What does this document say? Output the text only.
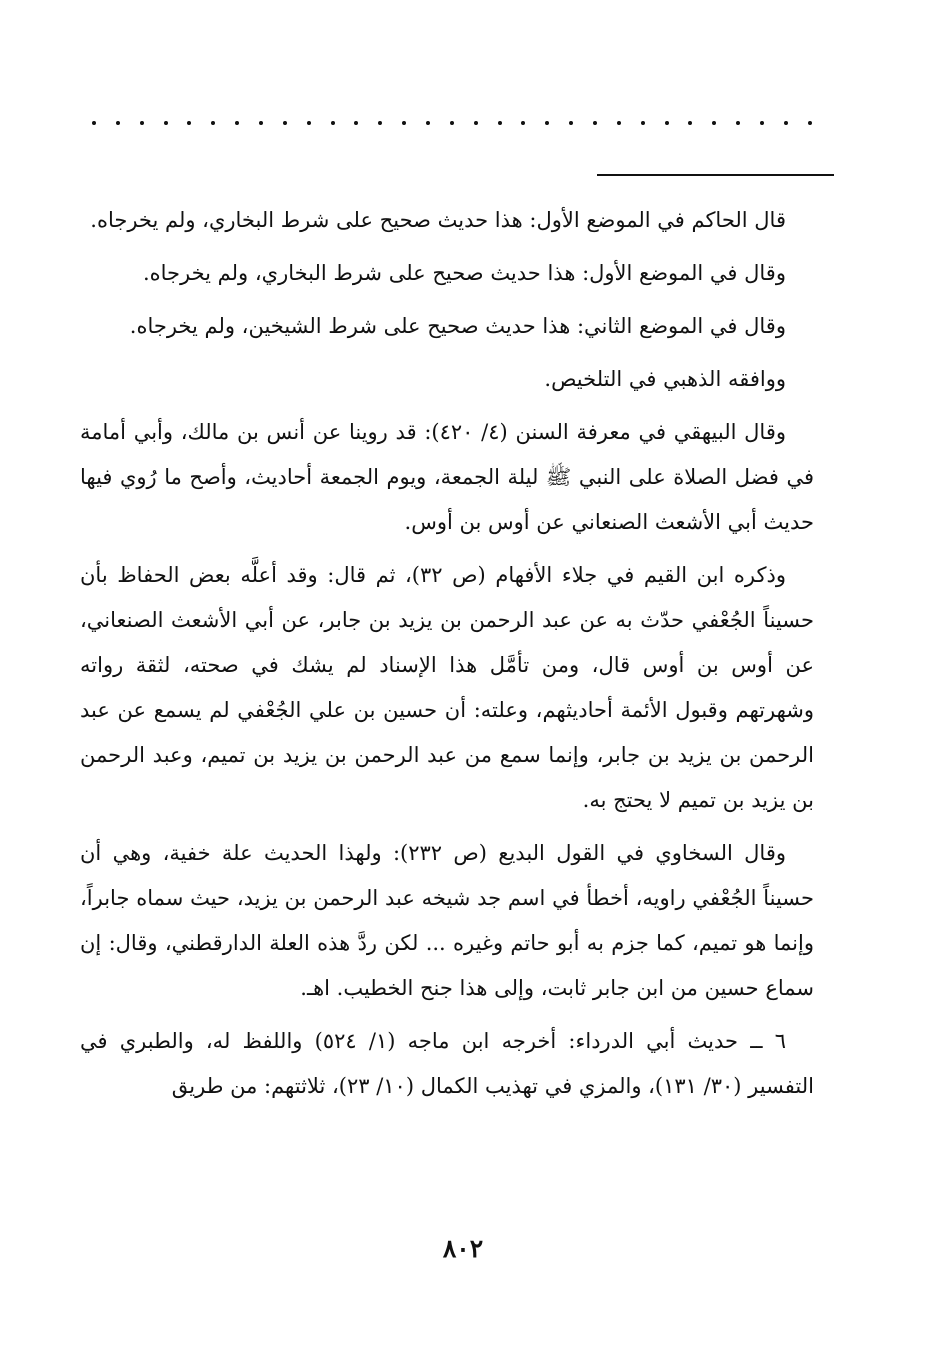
قال الحاكم في الموضع الأول: هذا حديث صحيح على شرط البخاري، ولم يخرجاه.

وقال في الموضع الأول: هذا حديث صحيح على شرط البخاري، ولم يخرجاه.

وقال في الموضع الثاني: هذا حديث صحيح على شرط الشيخين، ولم يخرجاه.

ووافقه الذهبي في التلخيص.

وقال البيهقي في معرفة السنن (٤/ ٤٢٠): قد روينا عن أنس بن مالك، وأبي أمامة في فضل الصلاة على النبي ﷺ ليلة الجمعة، ويوم الجمعة أحاديث، وأصح ما رُوي فيها حديث أبي الأشعث الصنعاني عن أوس بن أوس.

وذكره ابن القيم في جلاء الأفهام (ص ٣٢)، ثم قال: وقد أعلَّه بعض الحفاظ بأن حسيناً الجُعْفي حدّث به عن عبد الرحمن بن يزيد بن جابر، عن أبي الأشعث الصنعاني، عن أوس بن أوس قال، ومن تأمَّل هذا الإسناد لم يشك في صحته، لثقة رواته وشهرتهم وقبول الأئمة أحاديثهم، وعلته: أن حسين بن علي الجُعْفي لم يسمع عن عبد الرحمن بن يزيد بن جابر، وإنما سمع من عبد الرحمن بن يزيد بن تميم، وعبد الرحمن بن يزيد بن تميم لا يحتج به.

وقال السخاوي في القول البديع (ص ٢٣٢): ولهذا الحديث علة خفية، وهي أن حسيناً الجُعْفي راويه، أخطأ في اسم جد شيخه عبد الرحمن بن يزيد، حيث سماه جابراً، وإنما هو تميم، كما جزم به أبو حاتم وغيره ... لكن ردَّ هذه العلة الدارقطني، وقال: إن سماع حسين من ابن جابر ثابت، وإلى هذا جنح الخطيب. اهـ.

٦ ــ حديث أبي الدرداء: أخرجه ابن ماجه (١/ ٥٢٤) واللفظ له، والطبري في التفسير (٣٠/ ١٣١)، والمزي في تهذيب الكمال (١٠/ ٢٣)، ثلاثتهم: من طريق

٨٠٢
